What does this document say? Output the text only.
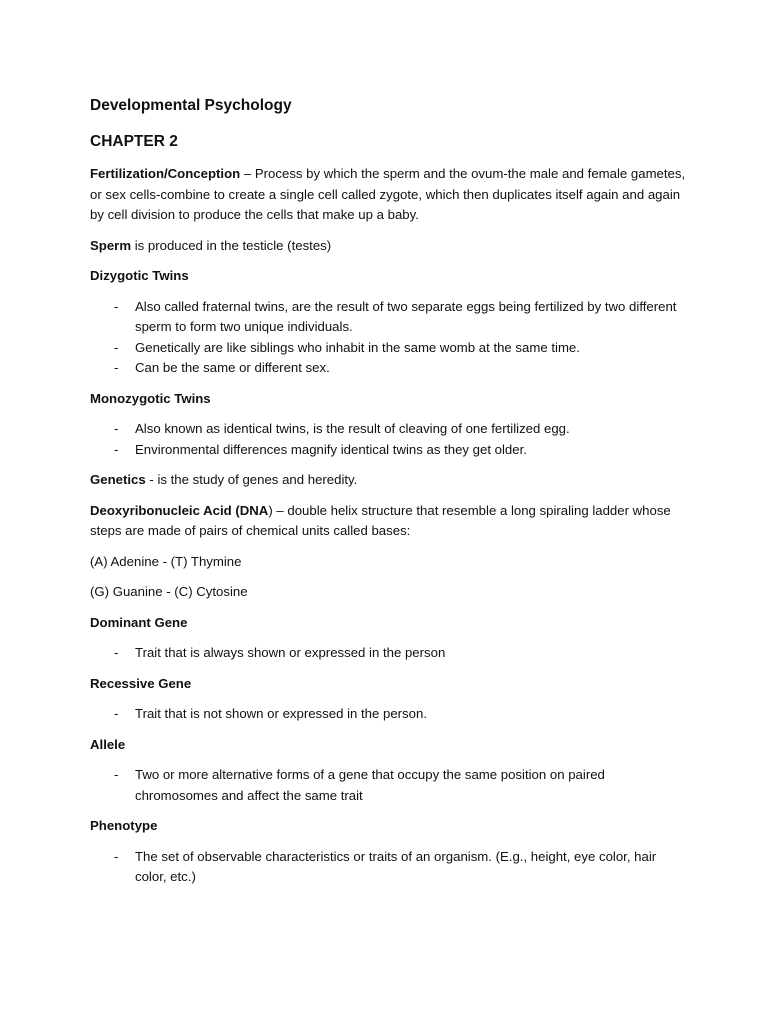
Developmental Psychology
CHAPTER 2

Fertilization/Conception – Process by which the sperm and the ovum-the male and female gametes, or sex cells-combine to create a single cell called zygote, which then duplicates itself again and again by cell division to produce the cells that make up a baby.

Sperm is produced in the testicle (testes)

Dizygotic Twins

- Also called fraternal twins, are the result of two separate eggs being fertilized by two different sperm to form two unique individuals.
- Genetically are like siblings who inhabit in the same womb at the same time.
- Can be the same or different sex.

Monozygotic Twins

- Also known as identical twins, is the result of cleaving of one fertilized egg.
- Environmental differences magnify identical twins as they get older.

Genetics - is the study of genes and heredity.

Deoxyribonucleic Acid (DNA) – double helix structure that resemble a long spiraling ladder whose steps are made of pairs of chemical units called bases:

(A) Adenine - (T) Thymine

(G) Guanine - (C) Cytosine

Dominant Gene

- Trait that is always shown or expressed in the person

Recessive Gene

- Trait that is not shown or expressed in the person.

Allele

- Two or more alternative forms of a gene that occupy the same position on paired chromosomes and affect the same trait

Phenotype

- The set of observable characteristics or traits of an organism. (E.g., height, eye color, hair color, etc.)
